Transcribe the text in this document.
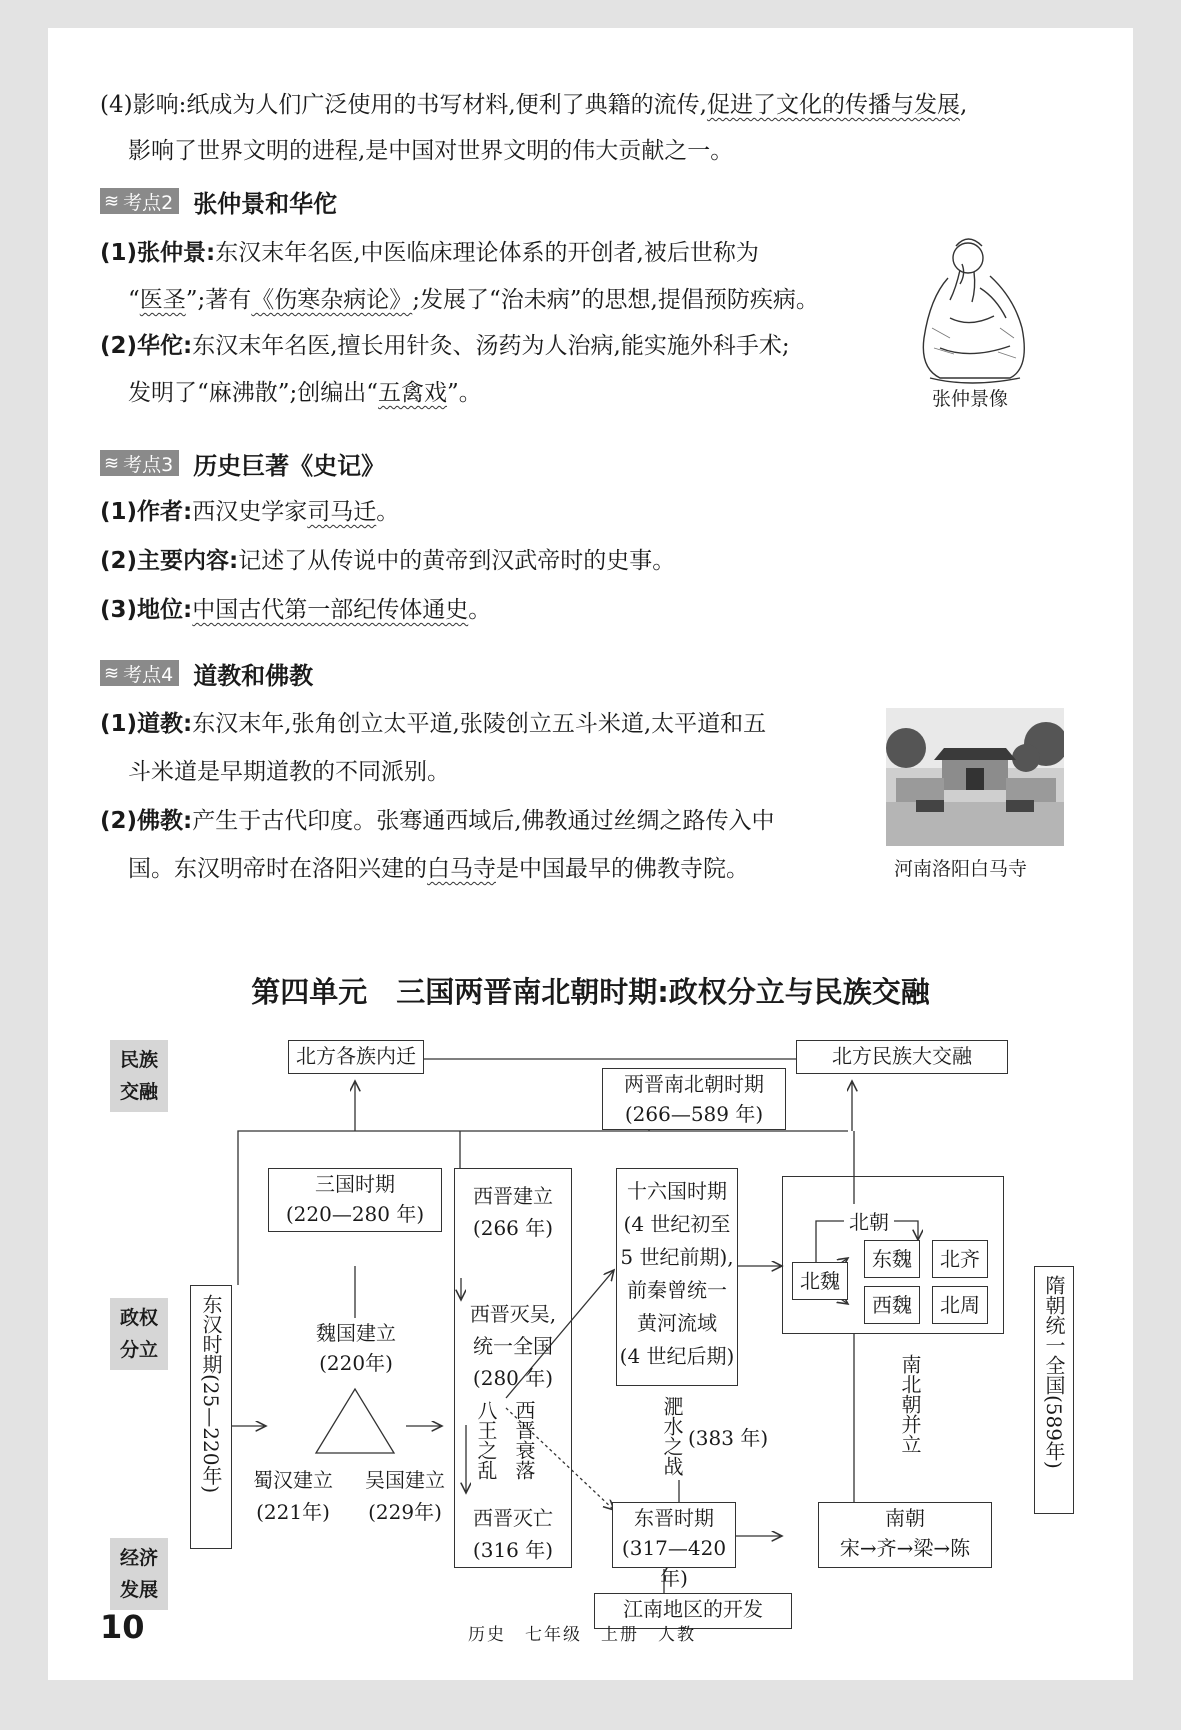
(4)影响:纸成为人们广泛使用的书写材料,便利了典籍的流传,促进了文化的传播与发展,
影响了世界文明的进程,是中国对世界文明的伟大贡献之一。
≋ 考点2 张仲景和华佗
(1)张仲景:东汉末年名医,中医临床理论体系的开创者,被后世称为
“医圣”;著有《伤寒杂病论》;发展了“治未病”的思想,提倡预防疾病。
(2)华佗:东汉末年名医,擅长用针灸、汤药为人治病,能实施外科手术;
发明了“麻沸散”;创编出“五禽戏”。	张仲景像
≋ 考点3 历史巨著《史记》
(1)作者:西汉史学家司马迁。
(2)主要内容:记述了从传说中的黄帝到汉武帝时的史事。
(3)地位:中国古代第一部纪传体通史。
≋ 考点4 道教和佛教
(1)道教:东汉末年,张角创立太平道,张陵创立五斗米道,太平道和五
斗米道是早期道教的不同派别。
(2)佛教:产生于古代印度。张骞通西域后,佛教通过丝绸之路传入中
国。东汉明帝时在洛阳兴建的白马寺是中国最早的佛教寺院。	河南洛阳白马寺
第四单元　三国两晋南北朝时期:政权分立与民族交融
民族
交融
政权
分立
经济
发展
北方各族内迁	北方民族大交融
两晋南北朝时期
(266—589 年)
东汉时期(25—220年)
三国时期
(220—280 年)
魏国建立
(220年)
蜀汉建立
(221年)
吴国建立
(229年)
西晋建立
(266 年)
西晋灭吴,
统一全国
(280 年)
八王之乱 西晋衰落
西晋灭亡
(316 年)
十六国时期
(4 世纪初至
5 世纪前期),
前秦曾统一
黄河流域
(4 世纪后期)
淝水之战 (383 年)
北朝
北魏
东魏	北齐
西魏	北周
南北朝并立	隋朝统一全国(589年)
东晋时期
(317—420 年)
南朝
宋→齐→梁→陈
江南地区的开发
10	历史　七年级　上册　人教
